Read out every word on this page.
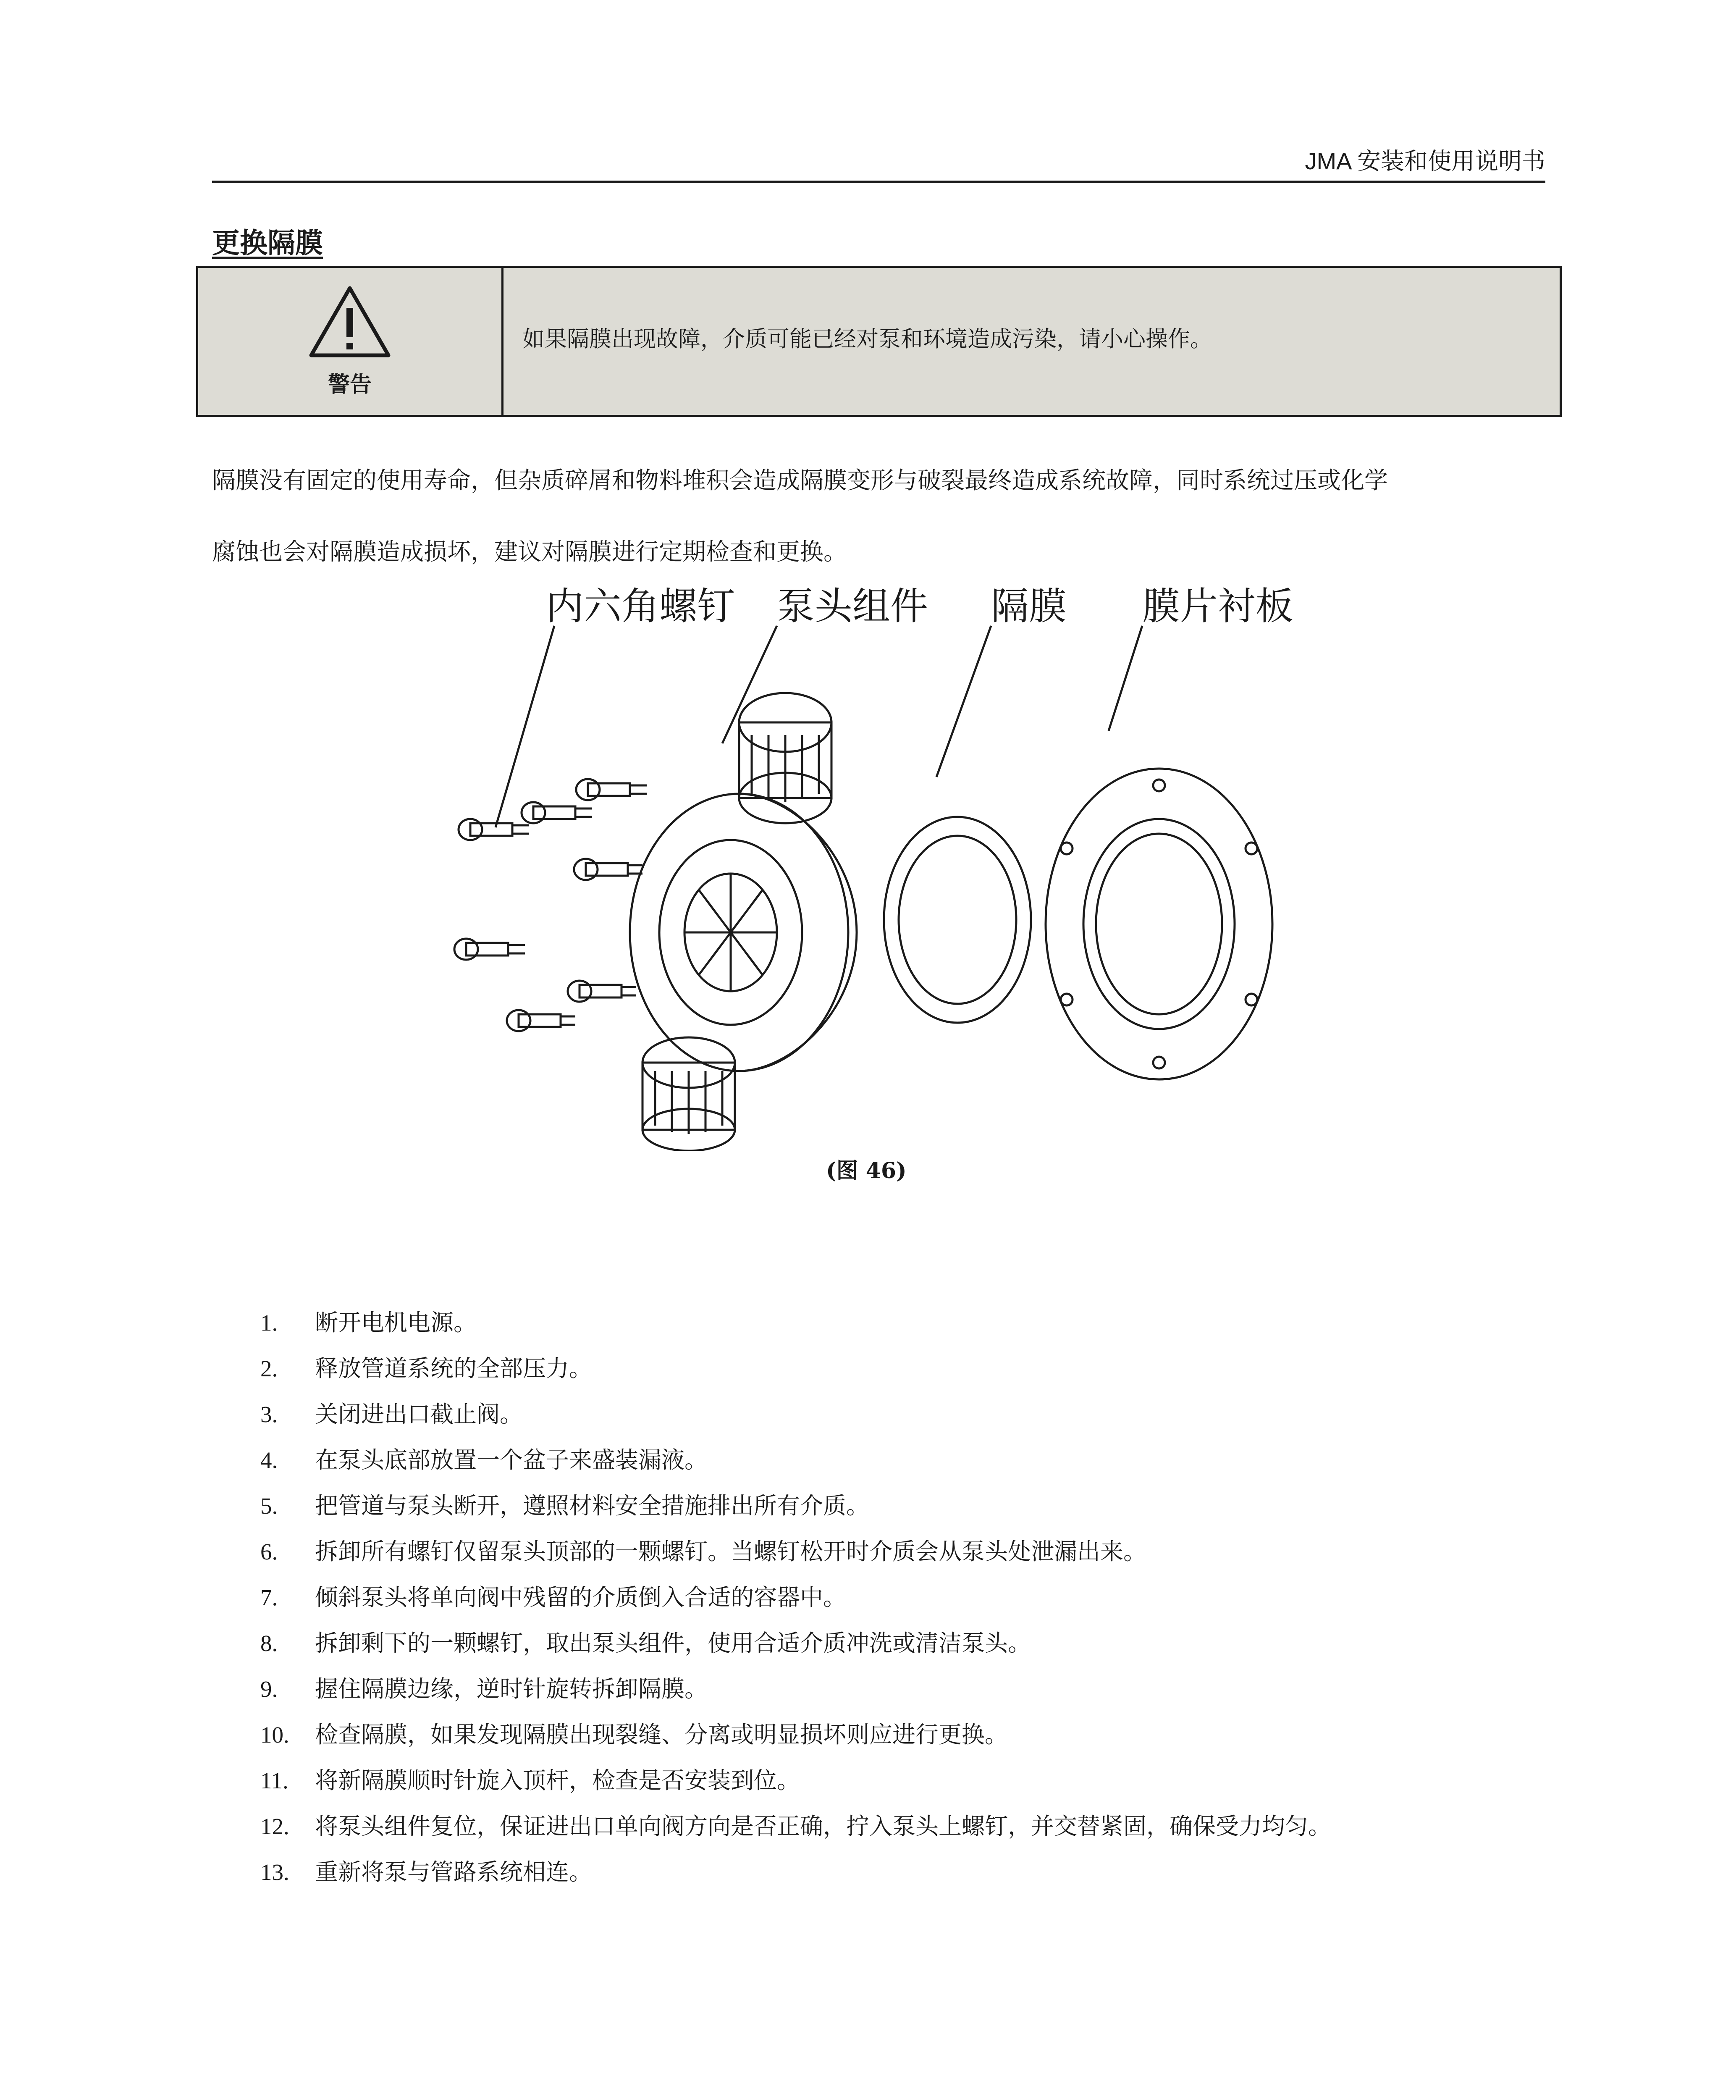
JMA 安装和使用说明书
更换隔膜
警告
如果隔膜出现故障，介质可能已经对泵和环境造成污染，请小心操作。

隔膜没有固定的使用寿命，但杂质碎屑和物料堆积会造成隔膜变形与破裂最终造成系统故障，同时系统过压或化学

腐蚀也会对隔膜造成损坏，建议对隔膜进行定期检查和更换。

内六角螺钉 泵头组件 隔膜 膜片衬板
(图 46)
1. 断开电机电源。
2. 释放管道系统的全部压力。
3. 关闭进出口截止阀。
4. 在泵头底部放置一个盆子来盛装漏液。
5. 把管道与泵头断开，遵照材料安全措施排出所有介质。
6. 拆卸所有螺钉仅留泵头顶部的一颗螺钉。当螺钉松开时介质会从泵头处泄漏出来。
7. 倾斜泵头将单向阀中残留的介质倒入合适的容器中。
8. 拆卸剩下的一颗螺钉，取出泵头组件，使用合适介质冲洗或清洁泵头。
9. 握住隔膜边缘，逆时针旋转拆卸隔膜。
10. 检查隔膜，如果发现隔膜出现裂缝、分离或明显损坏则应进行更换。
11. 将新隔膜顺时针旋入顶杆，检查是否安装到位。
12. 将泵头组件复位，保证进出口单向阀方向是否正确，拧入泵头上螺钉，并交替紧固，确保受力均匀。
13. 重新将泵与管路系统相连。
